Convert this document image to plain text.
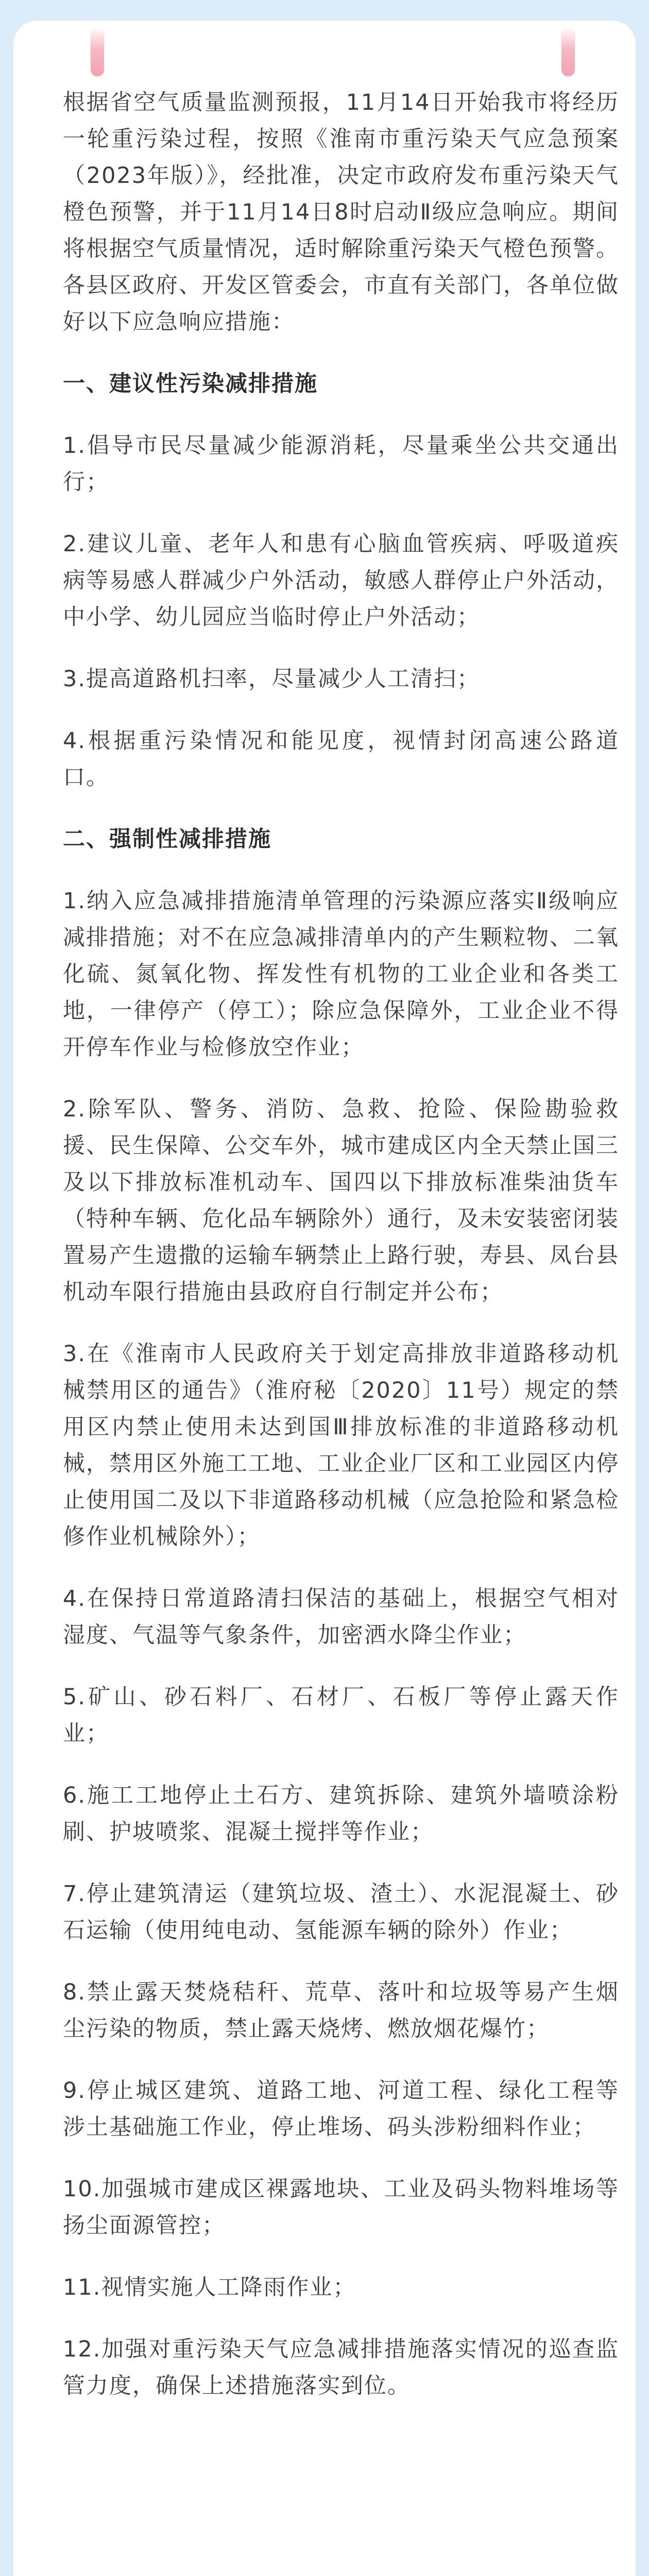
根据省空气质量监测预报，11月14日开始我市将经历一轮重污染过程，按照《淮南市重污染天气应急预案（2023年版）》，经批准，决定市政府发布重污染天气橙色预警，并于11月14日8时启动Ⅱ级应急响应。期间将根据空气质量情况，适时解除重污染天气橙色预警。各县区政府、开发区管委会，市直有关部门，各单位做好以下应急响应措施：

一、建议性污染减排措施

1.倡导市民尽量减少能源消耗，尽量乘坐公共交通出行；

2.建议儿童、老年人和患有心脑血管疾病、呼吸道疾病等易感人群减少户外活动，敏感人群停止户外活动，中小学、幼儿园应当临时停止户外活动；

3.提高道路机扫率，尽量减少人工清扫；

4.根据重污染情况和能见度，视情封闭高速公路道口。

二、强制性减排措施

1.纳入应急减排措施清单管理的污染源应落实Ⅱ级响应减排措施；对不在应急减排清单内的产生颗粒物、二氧化硫、氮氧化物、挥发性有机物的工业企业和各类工地，一律停产（停工）；除应急保障外，工业企业不得开停车作业与检修放空作业；

2.除军队、警务、消防、急救、抢险、保险勘验救援、民生保障、公交车外，城市建成区内全天禁止国三及以下排放标准机动车、国四以下排放标准柴油货车（特种车辆、危化品车辆除外）通行，及未安装密闭装置易产生遗撒的运输车辆禁止上路行驶，寿县、凤台县机动车限行措施由县政府自行制定并公布；

3.在《淮南市人民政府关于划定高排放非道路移动机械禁用区的通告》（淮府秘〔2020〕11号）规定的禁用区内禁止使用未达到国Ⅲ排放标准的非道路移动机械，禁用区外施工工地、工业企业厂区和工业园区内停止使用国二及以下非道路移动机械（应急抢险和紧急检修作业机械除外）；

4.在保持日常道路清扫保洁的基础上，根据空气相对湿度、气温等气象条件，加密洒水降尘作业；

5.矿山、砂石料厂、石材厂、石板厂等停止露天作业；

6.施工工地停止土石方、建筑拆除、建筑外墙喷涂粉刷、护坡喷浆、混凝土搅拌等作业；

7.停止建筑清运（建筑垃圾、渣土）、水泥混凝土、砂石运输（使用纯电动、氢能源车辆的除外）作业；

8.禁止露天焚烧秸秆、荒草、落叶和垃圾等易产生烟尘污染的物质，禁止露天烧烤、燃放烟花爆竹；

9.停止城区建筑、道路工地、河道工程、绿化工程等涉土基础施工作业，停止堆场、码头涉粉细料作业；

10.加强城市建成区裸露地块、工业及码头物料堆场等扬尘面源管控；

11.视情实施人工降雨作业；

12.加强对重污染天气应急减排措施落实情况的巡查监管力度，确保上述措施落实到位。
